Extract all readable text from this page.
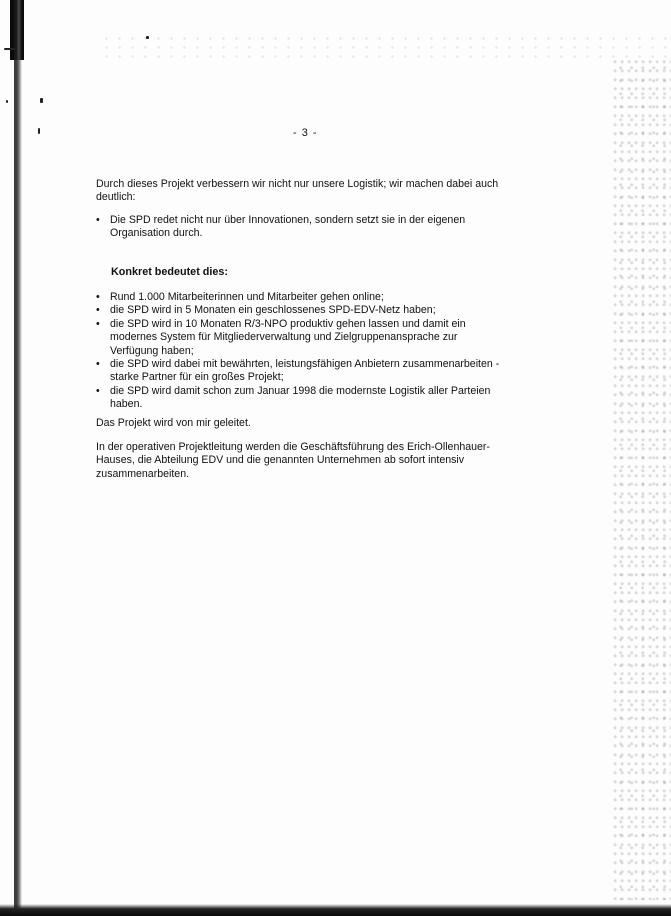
- 3 -
Durch dieses Projekt verbessern wir nicht nur unsere Logistik; wir machen dabei auch deutlich:
• Die SPD redet nicht nur über Innovationen, sondern setzt sie in der eigenen Organisation durch.
Konkret bedeutet dies:
• Rund 1.000 Mitarbeiterinnen und Mitarbeiter gehen online;
• die SPD wird in 5 Monaten ein geschlossenes SPD-EDV-Netz haben;
• die SPD wird in 10 Monaten R/3-NPO produktiv gehen lassen und damit ein modernes System für Mitgliederverwaltung und Zielgruppenansprache zur Verfügung haben;
• die SPD wird dabei mit bewährten, leistungsfähigen Anbietern zusammenarbeiten - starke Partner für ein großes Projekt;
• die SPD wird damit schon zum Januar 1998 die modernste Logistik aller Parteien haben.
Das Projekt wird von mir geleitet.
In der operativen Projektleitung werden die Geschäftsführung des Erich-Ollenhauer-Hauses, die Abteilung EDV und die genannten Unternehmen ab sofort intensiv zusammenarbeiten.
